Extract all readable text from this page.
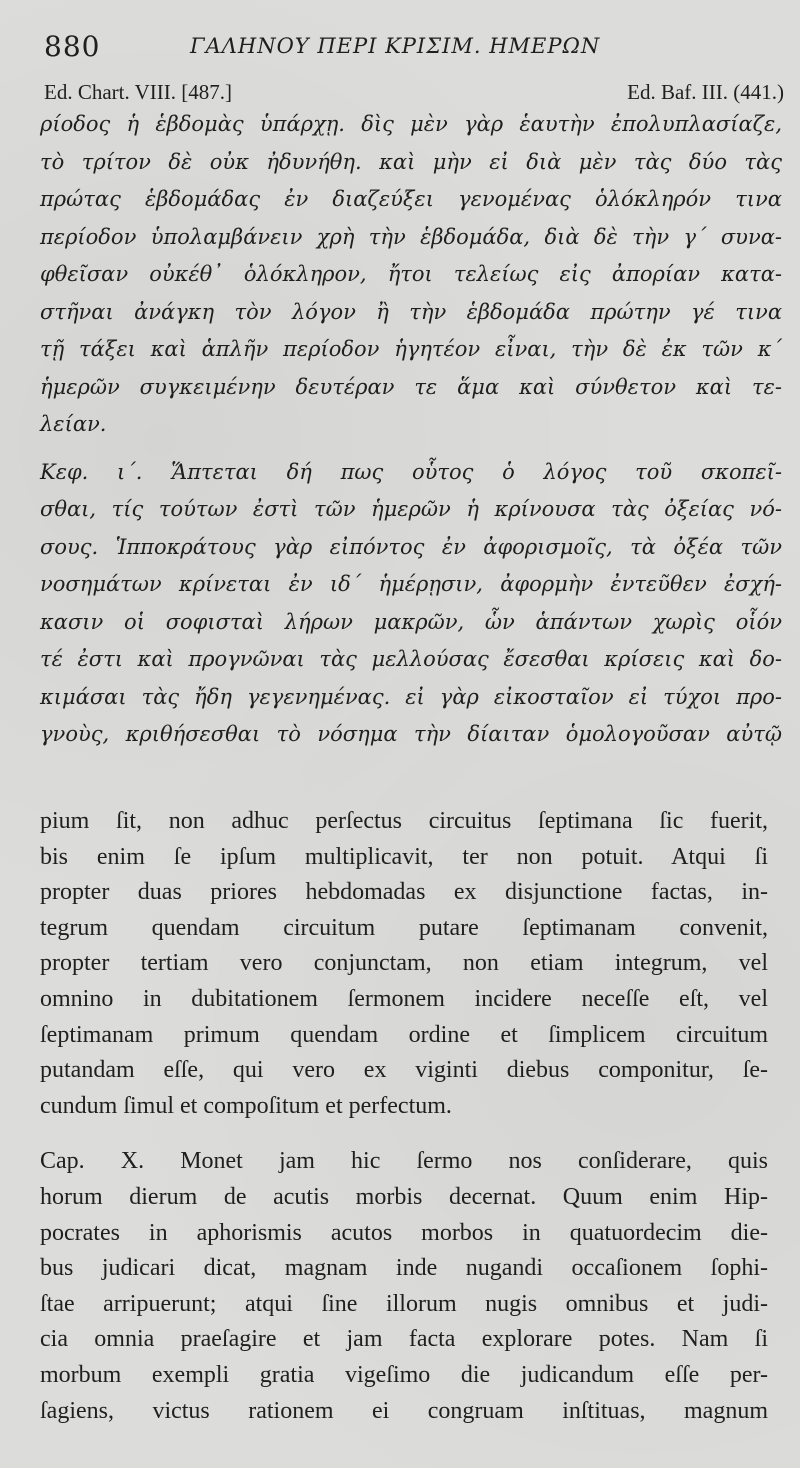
880	ΓΑΛΗΝΟΥ ΠΕΡΙ ΚΡΙΣΙΜ. ΗΜΕΡΩΝ
Ed. Chart. VIII. [487.]	Ed. Baf. III. (441.)
ρίοδος ἡ ἑβδομὰς ὑπάρχῃ. δὶς μὲν γὰρ ἑαυτὴν ἐπολυπλασίαζε,
τὸ τρίτον δὲ οὐκ ἠδυνήθη. καὶ μὴν εἰ διὰ μὲν τὰς δύο τὰς
πρώτας ἑβδομάδας ἐν διαζεύξει γενομένας ὁλόκληρόν τινα
περίοδον ὑπολαμβάνειν χρὴ τὴν ἑβδομάδα, διὰ δὲ τὴν γ΄ συνα-
φθεῖσαν οὐκέθ᾽ ὁλόκληρον, ἤτοι τελείως εἰς ἀπορίαν κατα-
στῆναι ἀνάγκη τὸν λόγον ἢ τὴν ἑβδομάδα πρώτην γέ τινα
τῇ τάξει καὶ ἁπλῆν περίοδον ἡγητέον εἶναι, τὴν δὲ ἐκ τῶν κ΄
ἡμερῶν συγκειμένην δευτέραν τε ἅμα καὶ σύνθετον καὶ τε-
λείαν.
Κεφ. ι΄. Ἅπτεται δή πως οὗτος ὁ λόγος τοῦ σκοπεῖ-
σθαι, τίς τούτων ἐστὶ τῶν ἡμερῶν ἡ κρίνουσα τὰς ὀξείας νό-
σους. Ἱπποκράτους γὰρ εἰπόντος ἐν ἀφορισμοῖς, τὰ ὀξέα τῶν
νοσημάτων κρίνεται ἐν ιδ΄ ἡμέρῃσιν, ἀφορμὴν ἐντεῦθεν ἐσχή-
κασιν οἱ σοφισταὶ λήρων μακρῶν, ὧν ἁπάντων χωρὶς οἷόν
τέ ἐστι καὶ προγνῶναι τὰς μελλούσας ἔσεσθαι κρίσεις καὶ δο-
κιμάσαι τὰς ἤδη γεγενημένας. εἰ γὰρ εἰκοσταῖον εἰ τύχοι προ-
γνοὺς, κριθήσεσθαι τὸ νόσημα τὴν δίαιταν ὁμολογοῦσαν αὐτῷ
pium ſit, non adhuc perſectus circuitus ſeptimana ſic fuerit,
bis enim ſe ipſum multiplicavit, ter non potuit. Atqui ſi
propter duas priores hebdomadas ex disjunctione factas, in-
tegrum quendam circuitum putare ſeptimanam convenit,
propter tertiam vero conjunctam, non etiam integrum, vel
omnino in dubitationem ſermonem incidere neceſſe eſt, vel
ſeptimanam primum quendam ordine et ſimplicem circuitum
putandam eſſe, qui vero ex viginti diebus componitur, ſe-
cundum ſimul et compoſitum et perfectum.
Cap. X. Monet jam hic ſermo nos conſiderare, quis
horum dierum de acutis morbis decernat. Quum enim Hip-
pocrates in aphorismis acutos morbos in quatuordecim die-
bus judicari dicat, magnam inde nugandi occaſionem ſophi-
ſtae arripuerunt; atqui ſine illorum nugis omnibus et judi-
cia omnia praeſagire et jam facta explorare potes. Nam ſi
morbum exempli gratia vigeſimo die judicandum eſſe per-
ſagiens, victus rationem ei congruam inſtituas, magnum
